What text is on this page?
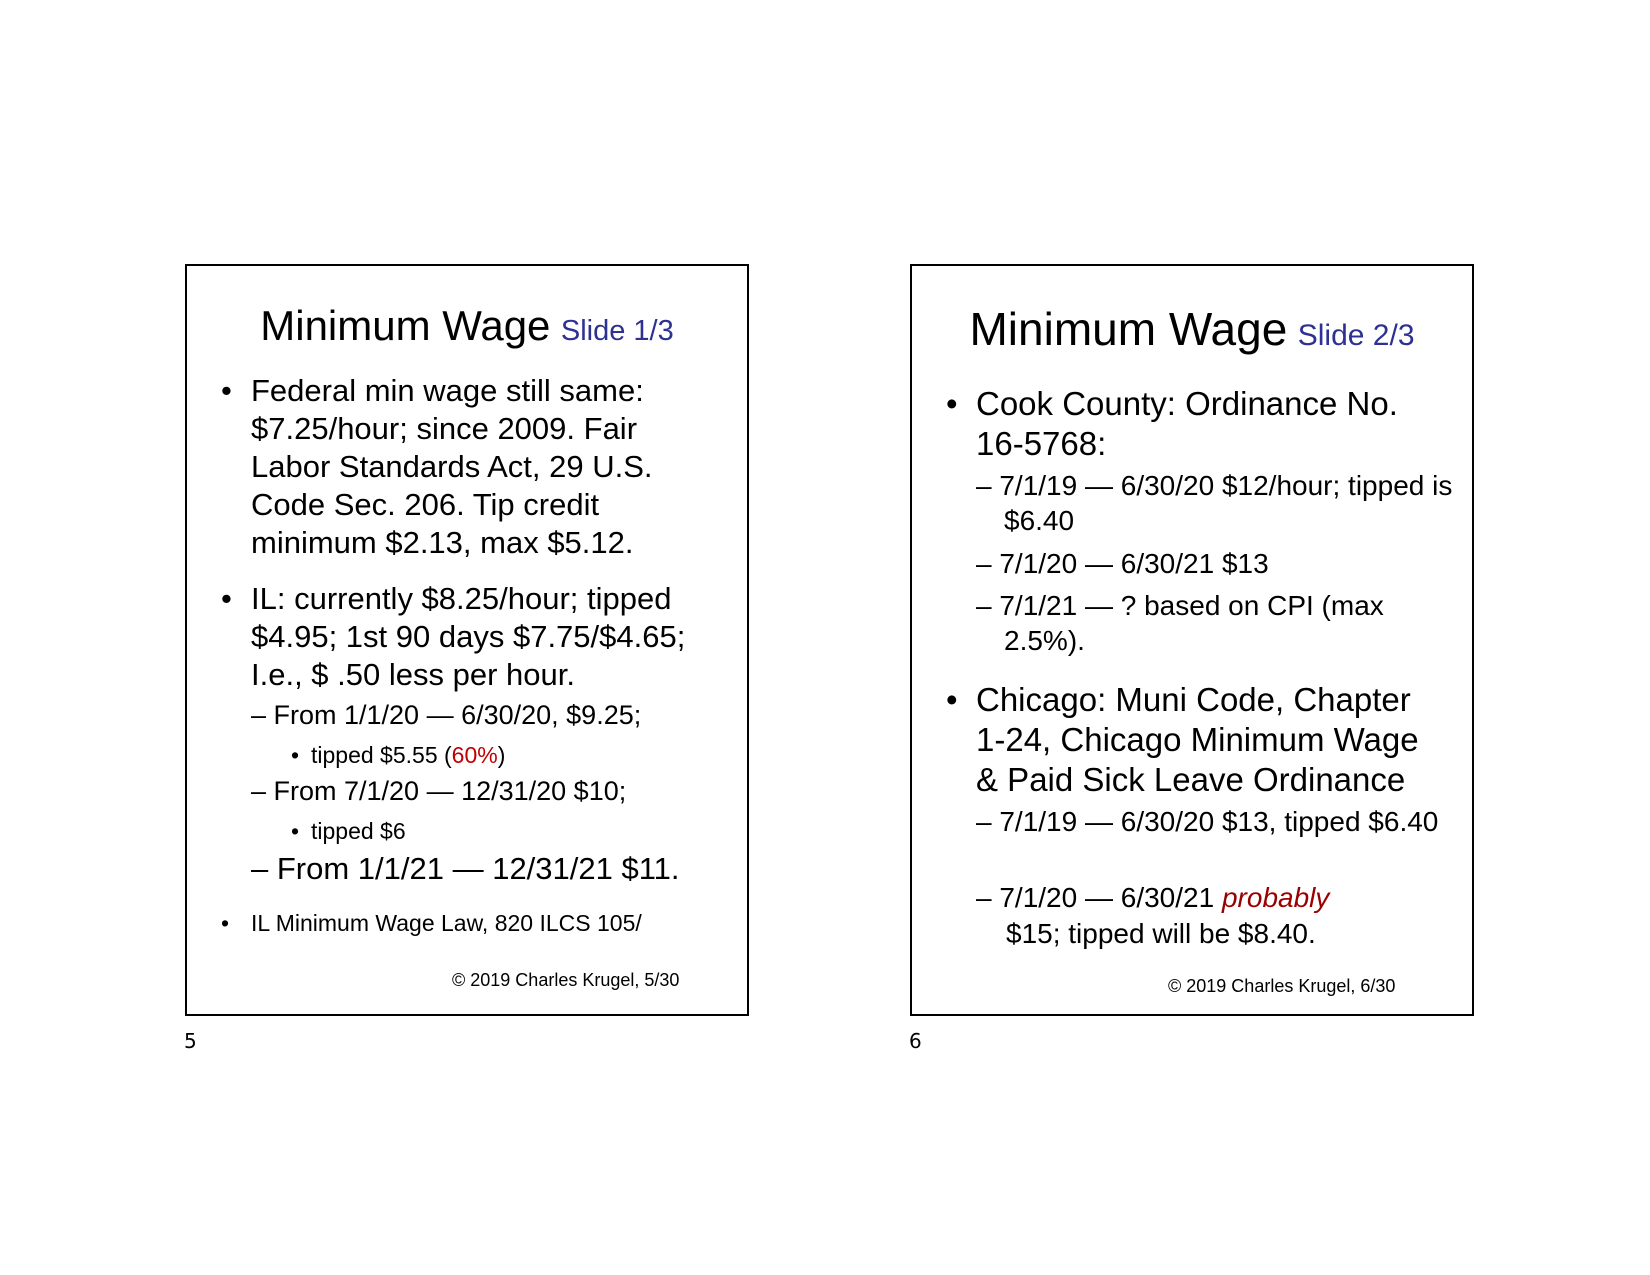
Minimum Wage Slide 1/3

• Federal min wage still same: $7.25/hour; since 2009. Fair Labor Standards Act, 29 U.S. Code Sec. 206. Tip credit minimum $2.13, max $5.12.

• IL: currently $8.25/hour; tipped $4.95; 1st 90 days $7.75/$4.65; I.e., $ .50 less per hour.

– From 1/1/20 — 6/30/20, $9.25;

• tipped $5.55 (60%)

– From 7/1/20 — 12/31/20 $10;

• tipped $6

– From 1/1/21 — 12/31/21 $11.

• IL Minimum Wage Law, 820 ILCS 105/

© 2019 Charles Krugel, 5/30
5
Minimum Wage Slide 2/3

• Cook County: Ordinance No. 16-5768:

– 7/1/19 — 6/30/20 $12/hour; tipped is $6.40

– 7/1/20 — 6/30/21 $13

– 7/1/21 — ? based on CPI (max 2.5%).

• Chicago: Muni Code, Chapter 1-24, Chicago Minimum Wage & Paid Sick Leave Ordinance

– 7/1/19 — 6/30/20 $13, tipped $6.40

– 7/1/20 — 6/30/21 probably

$15; tipped will be $8.40.

© 2019 Charles Krugel, 6/30
6
